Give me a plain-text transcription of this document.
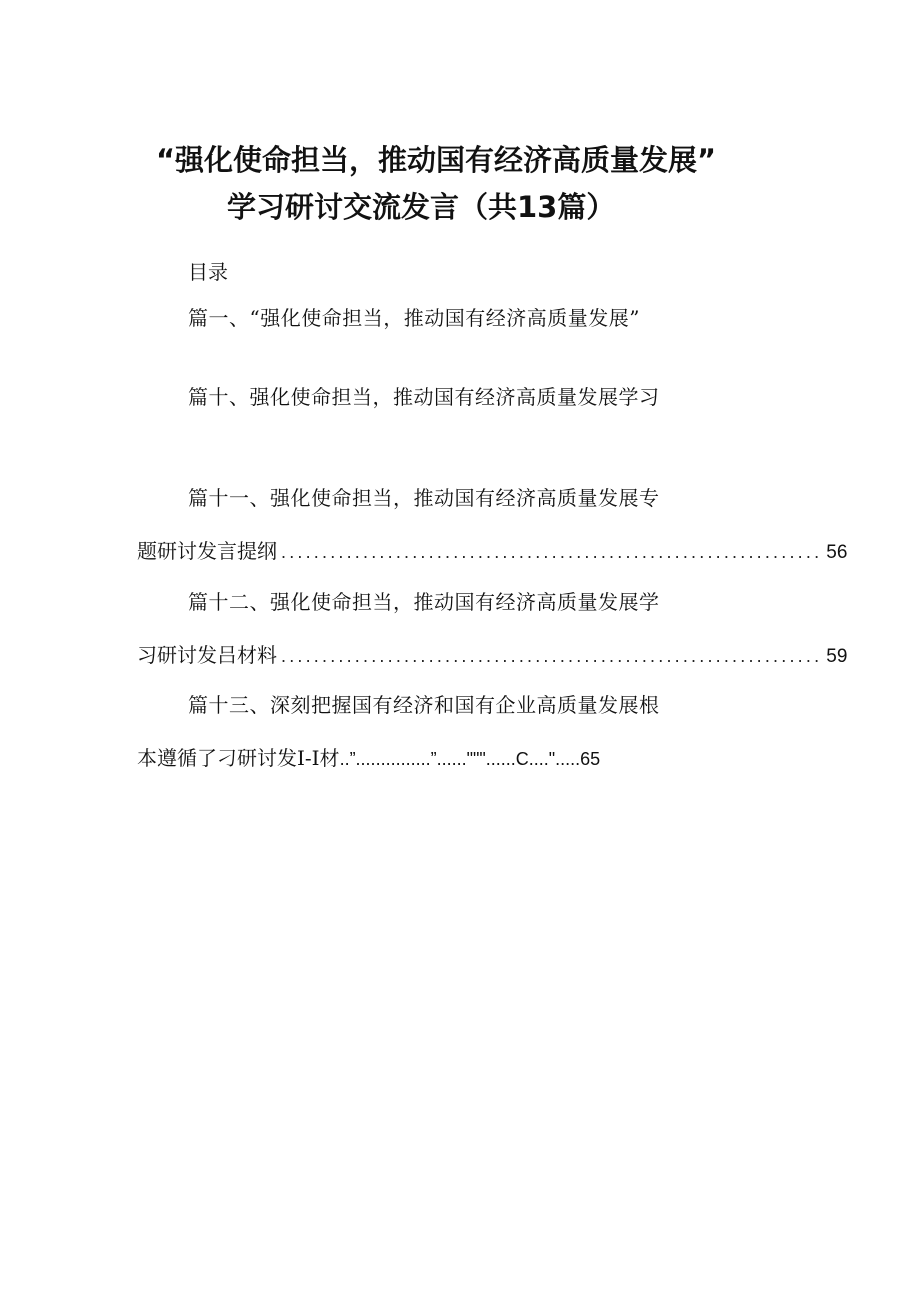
“强化使命担当，推动国有经济高质量发展”
学习研讨交流发言（共13篇）
目录
篇一、“强化使命担当，推动国有经济高质量发展”
篇十、强化使命担当，推动国有经济高质量发展学习
篇十一、强化使命担当，推动国有经济高质量发展专
题研讨发言提纲 .................................................................. 56
篇十二、强化使命担当，推动国有经济高质量发展学
习研讨发吕材料 .................................................................. 59
篇十三、深刻把握国有经济和国有企业高质量发展根
本遵循了刁研讨发I-I材 ..”...............”......"""......C....".....65
